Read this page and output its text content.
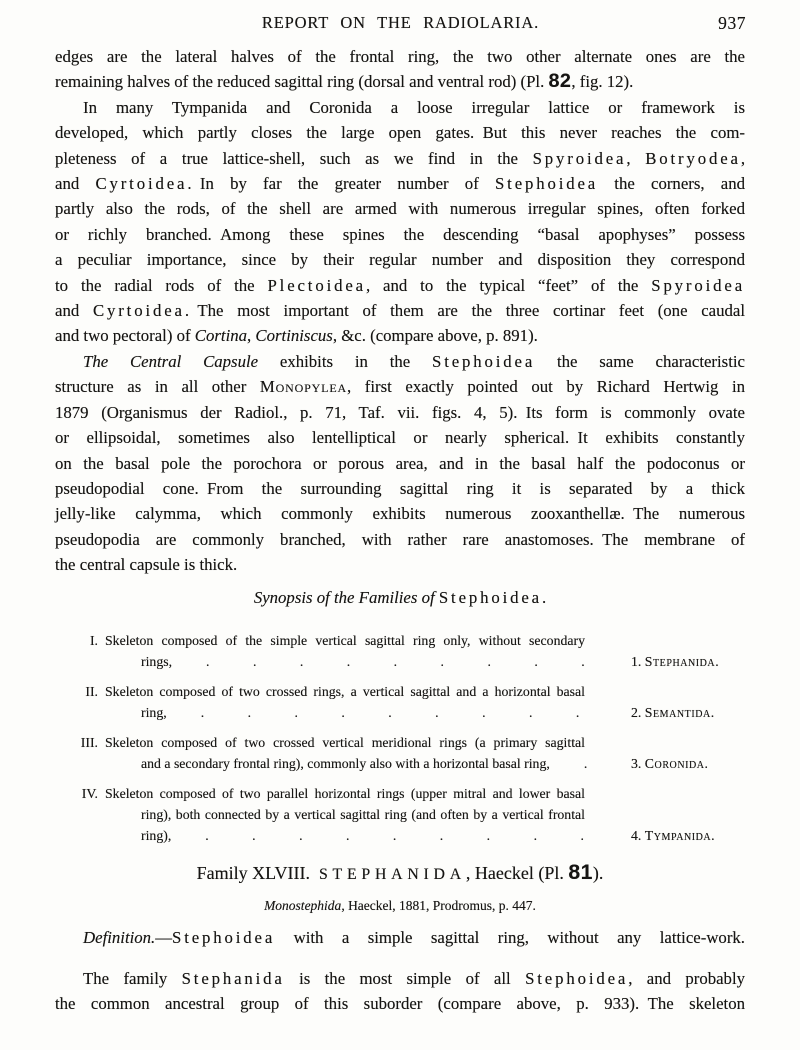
REPORT ON THE RADIOLARIA.	937
edges are the lateral halves of the frontal ring, the two other alternate ones are the
remaining halves of the reduced sagittal ring (dorsal and ventral rod) (Pl. 82, fig. 12).
In many Tympanida and Coronida a loose irregular lattice or framework is
developed, which partly closes the large open gates. But this never reaches the com-
pleteness of a true lattice-shell, such as we find in the Spyroidea, Botryodea,
and Cyrtoidea. In by far the greater number of Stephoidea the corners, and
partly also the rods, of the shell are armed with numerous irregular spines, often forked
or richly branched. Among these spines the descending “basal apophyses” possess
a peculiar importance, since by their regular number and disposition they correspond
to the radial rods of the Plectoidea, and to the typical “feet” of the Spyroidea
and Cyrtoidea. The most important of them are the three cortinar feet (one caudal
and two pectoral) of Cortina, Cortiniscus, &c. (compare above, p. 891).
The Central Capsule exhibits in the Stephoidea the same characteristic
structure as in all other Monopylea, first exactly pointed out by Richard Hertwig in
1879 (Organismus der Radiol., p. 71, Taf. vii. figs. 4, 5). Its form is commonly ovate
or ellipsoidal, sometimes also lentelliptical or nearly spherical. It exhibits constantly
on the basal pole the porochora or porous area, and in the basal half the podoconus or
pseudopodial cone. From the surrounding sagittal ring it is separated by a thick
jelly-like calymma, which commonly exhibits numerous zooxanthellæ. The numerous
pseudopodia are commonly branched, with rather rare anastomoses. The membrane of
the central capsule is thick.
Synopsis of the Families of Stephoidea.
I. Skeleton composed of the simple vertical sagittal ring only, without secondary
rings, . . . . . . . . .	1. Stephanida.
II. Skeleton composed of two crossed rings, a vertical sagittal and a horizontal basal
ring, . . . . . . . . .	2. Semantida.
III. Skeleton composed of two crossed vertical meridional rings (a primary sagittal
and a secondary frontal ring), commonly also with a horizontal basal ring, .	3. Coronida.
IV. Skeleton composed of two parallel horizontal rings (upper mitral and lower basal
ring), both connected by a vertical sagittal ring (and often by a vertical frontal
ring), . . . . . . . . .	4. Tympanida.
Family XLVIII. STEPHANIDA, Haeckel (Pl. 81).
Monostephida, Haeckel, 1881, Prodromus, p. 447.
Definition.—Stephoidea with a simple sagittal ring, without any lattice-work.
The family Stephanida is the most simple of all Stephoidea, and probably
the common ancestral group of this suborder (compare above, p. 933). The skeleton
